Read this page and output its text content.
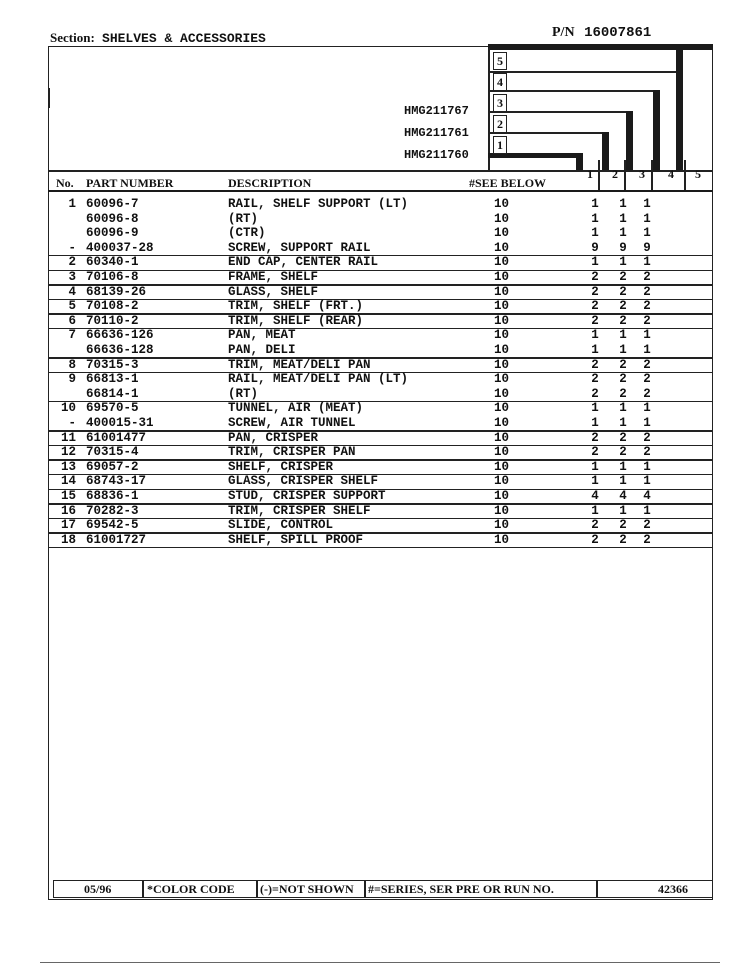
Section: SHELVES & ACCESSORIES	P/N 16007861
5
4
3
2
1
HMG211767
HMG211761
HMG211760
No. PART NUMBER	DESCRIPTION	#SEE BELOW
1	2	3	4	5
1 60096-7	RAIL, SHELF SUPPORT (LT)	10	1 1 1
60096-8	(RT)	10	1 1 1
60096-9	(CTR)	10	1 1 1
- 400037-28	SCREW, SUPPORT RAIL	10	9 9 9
2 60340-1	END CAP, CENTER RAIL	10	1 1 1
3 70106-8	FRAME, SHELF	10	2 2 2
4 68139-26	GLASS, SHELF	10	2 2 2
5 70108-2	TRIM, SHELF (FRT.)	10	2 2 2
6 70110-2	TRIM, SHELF (REAR)	10	2 2 2
7 66636-126	PAN, MEAT	10	1 1 1
66636-128	PAN, DELI	10	1 1 1
8 70315-3	TRIM, MEAT/DELI PAN	10	2 2 2
9 66813-1	RAIL, MEAT/DELI PAN (LT)	10	2 2 2
66814-1	(RT)	10	2 2 2
10 69570-5	TUNNEL, AIR (MEAT)	10	1 1 1
- 400015-31	SCREW, AIR TUNNEL	10	1 1 1
11 61001477	PAN, CRISPER	10	2 2 2
12 70315-4	TRIM, CRISPER PAN	10	2 2 2
13 69057-2	SHELF, CRISPER	10	1 1 1
14 68743-17	GLASS, CRISPER SHELF	10	1 1 1
15 68836-1	STUD, CRISPER SUPPORT	10	4 4 4
16 70282-3	TRIM, CRISPER SHELF	10	1 1 1
17 69542-5	SLIDE, CONTROL	10	2 2 2
18 61001727	SHELF, SPILL PROOF	10	2 2 2
05/96	*COLOR CODE (-)=NOT SHOWN #=SERIES, SER PRE OR RUN NO.	42366
